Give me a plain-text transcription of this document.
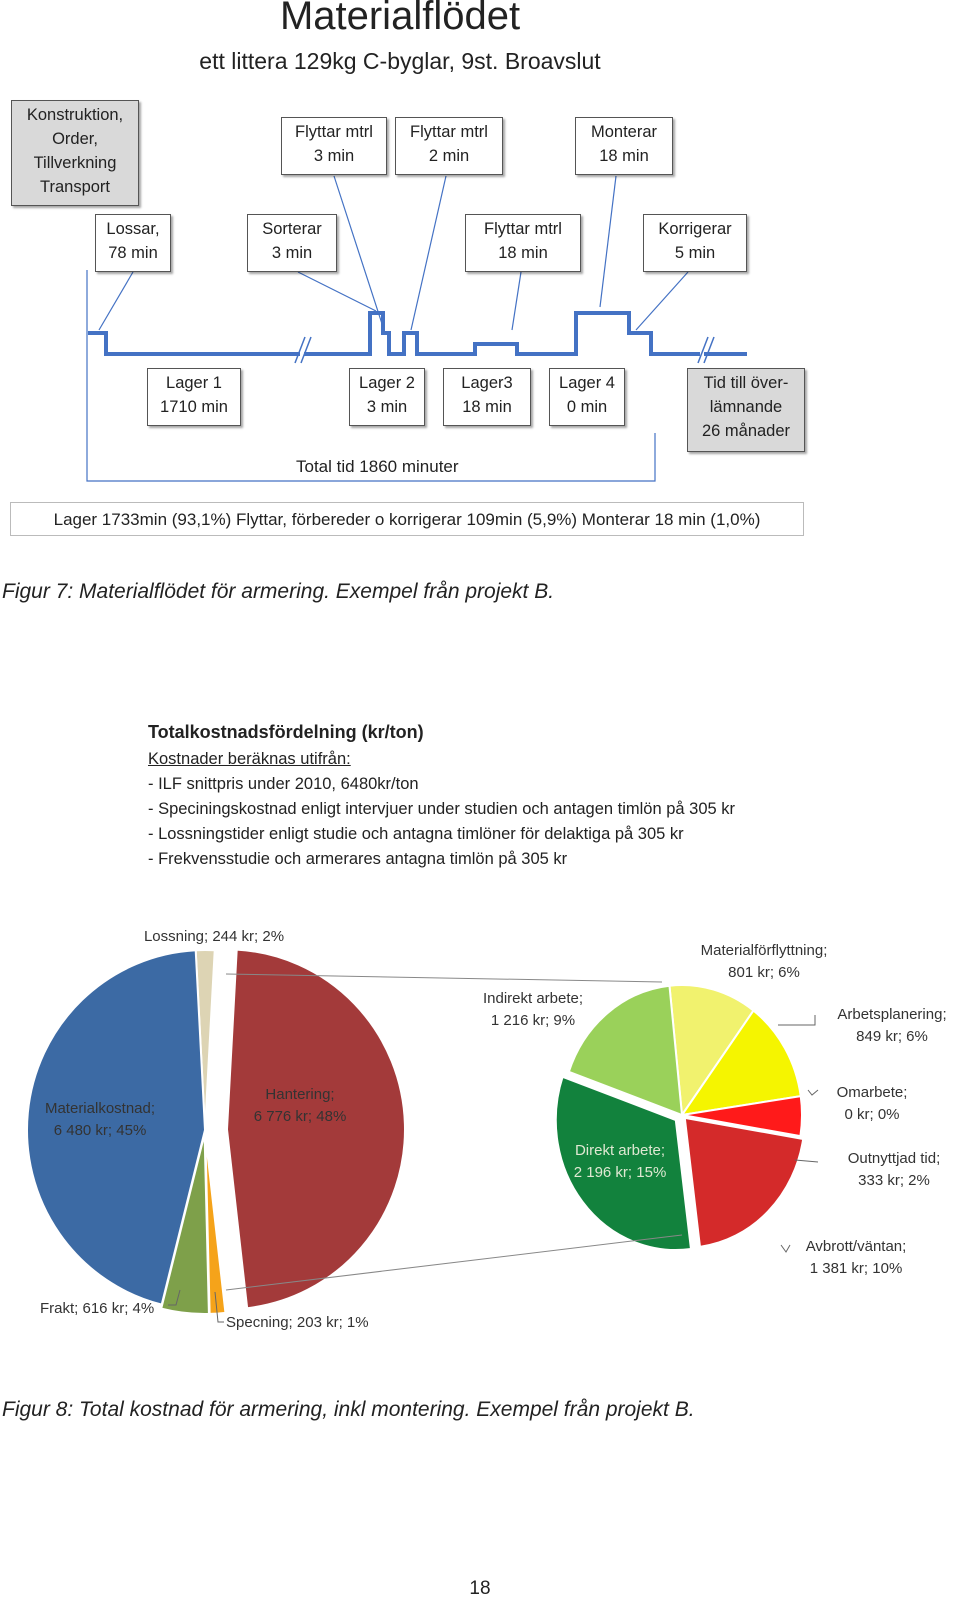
Materialflödet
ett littera 129kg C-byglar, 9st. Broavslut
Konstruktion,
Order,
Tillverkning
Transport
Flyttar mtrl
3 min
Flyttar mtrl
2 min
Monterar
18 min
Lossar,
78 min
Sorterar
3 min
Flyttar mtrl
18 min
Korrigerar
5 min
Lager 1
1710 min
Lager 2
3 min
Lager3
18 min
Lager 4
0 min
Tid till över-
lämnande
26 månader
Total tid 1860 minuter
Lager 1733min (93,1%) Flyttar, förbereder o korrigerar 109min (5,9%) Monterar 18 min (1,0%)
Figur 7: Materialflödet för armering. Exempel från projekt B.
Totalkostnadsfördelning (kr/ton)
Kostnader beräknas utifrån:
- ILF snittpris under 2010, 6480kr/ton
- Speciningskostnad enligt intervjuer under studien och antagen timlön på 305 kr
- Lossningstider enligt studie och antagna timlöner för delaktiga på 305 kr
- Frekvensstudie och armerares antagna timlön på 305 kr
Lossning; 244 kr; 2%
Hantering;
6 776 kr; 48%
Materialkostnad;
6 480 kr; 45%
Frakt; 616 kr; 4%
Specning; 203 kr; 1%
Materialförflyttning;
801 kr; 6%
Indirekt arbete;
1 216 kr; 9%	Arbetsplanering;
849 kr; 6%
Omarbete;
0 kr; 0%
Direkt arbete;
2 196 kr; 15%
Outnyttjad tid;
333 kr; 2%
Avbrott/väntan;
1 381 kr; 10%
Figur 8: Total kostnad för armering, inkl montering. Exempel från projekt B.
18
